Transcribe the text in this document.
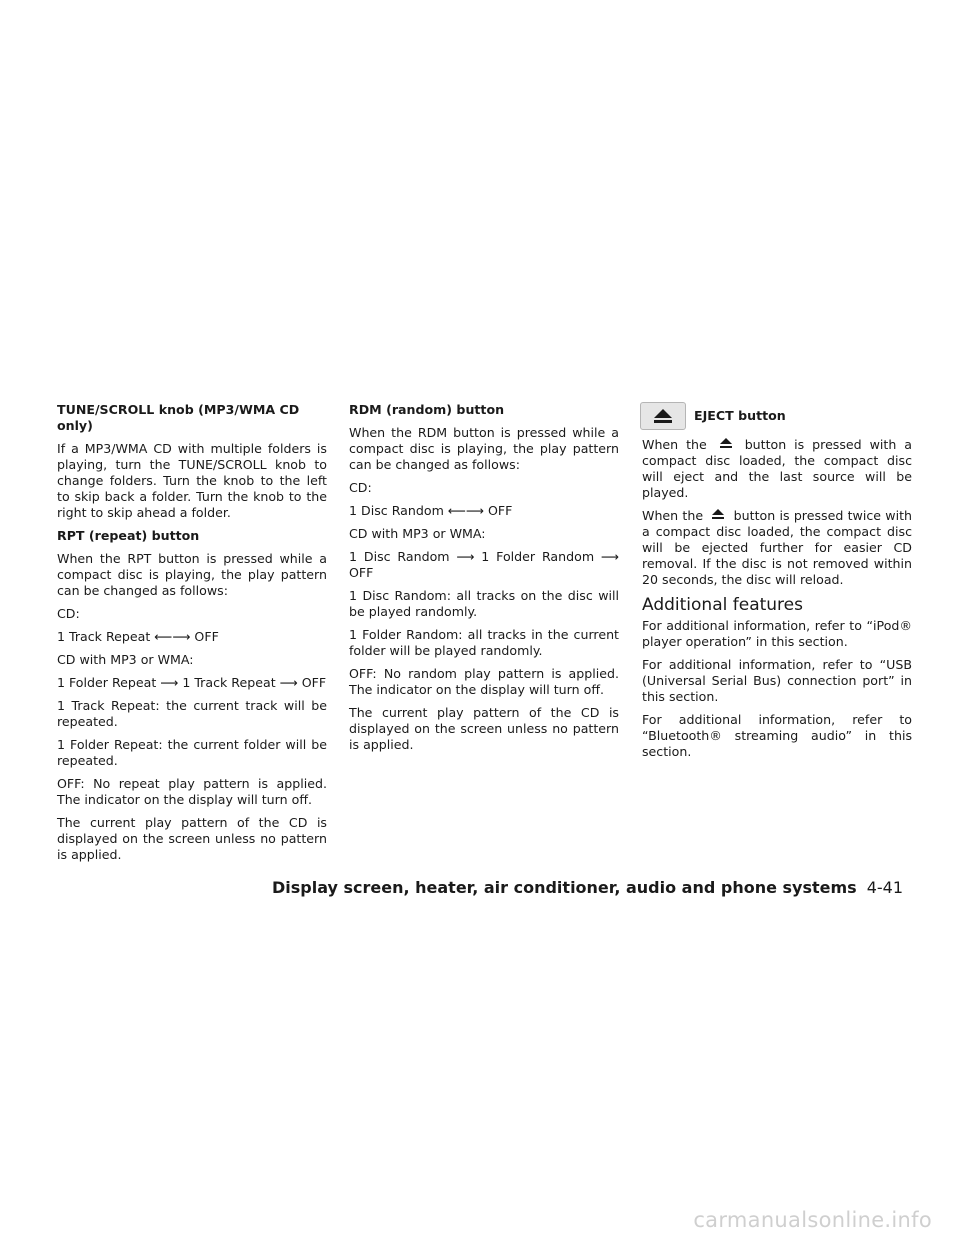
TUNE/SCROLL knob (MP3/WMA CD only)

If a MP3/WMA CD with multiple folders is playing, turn the TUNE/SCROLL knob to change folders. Turn the knob to the left to skip back a folder. Turn the knob to the right to skip ahead a folder.

RPT (repeat) button

When the RPT button is pressed while a compact disc is playing, the play pattern can be changed as follows:

CD:

1 Track Repeat ⟵⟶ OFF

CD with MP3 or WMA:

1 Folder Repeat ⟶ 1 Track Repeat ⟶ OFF

1 Track Repeat: the current track will be repeated.

1 Folder Repeat: the current folder will be repeated.

OFF: No repeat play pattern is applied. The indicator on the display will turn off.

The current play pattern of the CD is displayed on the screen unless no pattern is applied.

RDM (random) button

When the RDM button is pressed while a compact disc is playing, the play pattern can be changed as follows:

CD:

1 Disc Random ⟵⟶ OFF

CD with MP3 or WMA:

1 Disc Random ⟶ 1 Folder Random ⟶ OFF

1 Disc Random: all tracks on the disc will be played randomly.

1 Folder Random: all tracks in the current folder will be played randomly.

OFF: No random play pattern is applied. The indicator on the display will turn off.

The current play pattern of the CD is displayed on the screen unless no pattern is applied.

EJECT button

When the	button is pressed with a compact disc loaded, the compact disc will eject and the last source will be played.

When the button is pressed twice with a compact disc loaded, the compact disc will be ejected further for easier CD removal. If the disc is not removed within 20 seconds, the disc will reload.

Additional features

For additional information, refer to “iPod® player operation” in this section.

For additional information, refer to “USB (Universal Serial Bus) connection port” in this section.

For additional information, refer to “Bluetooth® streaming audio” in this section.

Display screen, heater, air conditioner, audio and phone systems 4-41
carmanualsonline.info
